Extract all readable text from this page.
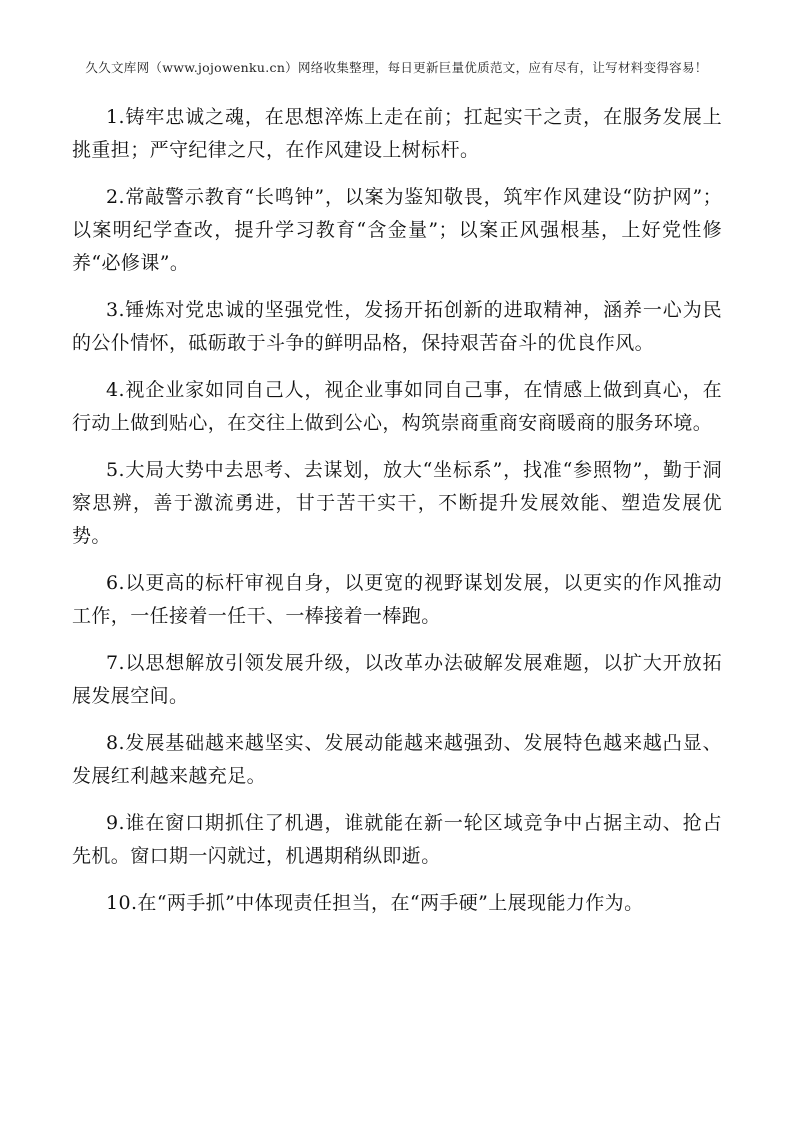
久久文库网（www.jojowenku.cn）网络收集整理，每日更新巨量优质范文，应有尽有，让写材料变得容易！

1.铸牢忠诚之魂，在思想淬炼上走在前；扛起实干之责，在服务发展上挑重担；严守纪律之尺，在作风建设上树标杆。

2.常敲警示教育“长鸣钟”，以案为鉴知敬畏，筑牢作风建设“防护网”；以案明纪学查改，提升学习教育“含金量”；以案正风强根基，上好党性修养“必修课”。

3.锤炼对党忠诚的坚强党性，发扬开拓创新的进取精神，涵养一心为民的公仆情怀，砥砺敢于斗争的鲜明品格，保持艰苦奋斗的优良作风。

4.视企业家如同自己人，视企业事如同自己事，在情感上做到真心，在行动上做到贴心，在交往上做到公心，构筑崇商重商安商暖商的服务环境。

5.大局大势中去思考、去谋划，放大“坐标系”，找准“参照物”，勤于洞察思辨，善于激流勇进，甘于苦干实干，不断提升发展效能、塑造发展优势。

6.以更高的标杆审视自身，以更宽的视野谋划发展，以更实的作风推动工作，一任接着一任干、一棒接着一棒跑。

7.以思想解放引领发展升级，以改革办法破解发展难题，以扩大开放拓展发展空间。

8.发展基础越来越坚实、发展动能越来越强劲、发展特色越来越凸显、发展红利越来越充足。

9.谁在窗口期抓住了机遇，谁就能在新一轮区域竞争中占据主动、抢占先机。窗口期一闪就过，机遇期稍纵即逝。

10.在“两手抓”中体现责任担当，在“两手硬”上展现能力作为。
